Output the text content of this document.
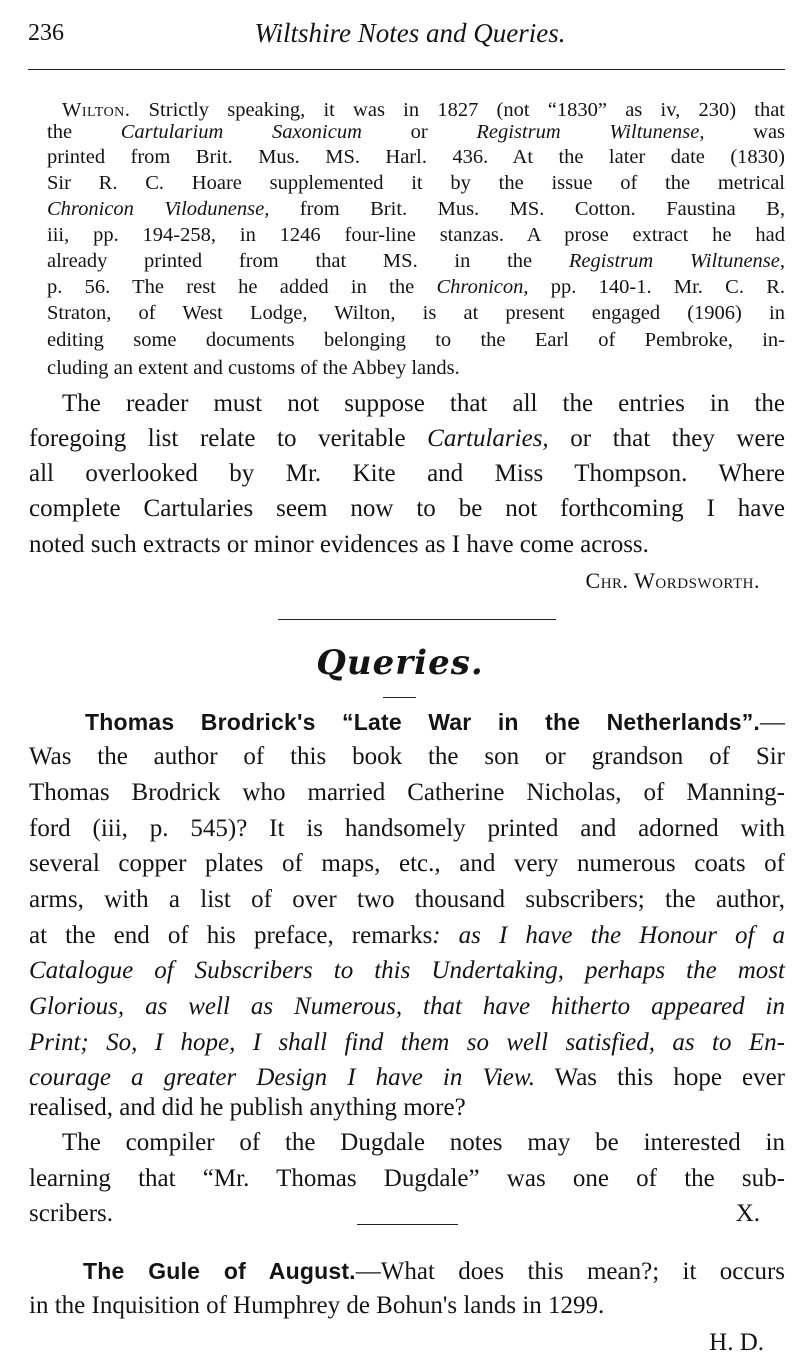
236	Wiltshire Notes and Queries.
Wilton. Strictly speaking, it was in 1827 (not “1830” as iv, 230) that
the Cartularium Saxonicum or Registrum Wiltunense, was
printed from Brit. Mus. MS. Harl. 436. At the later date (1830)
Sir R. C. Hoare supplemented it by the issue of the metrical
Chronicon Vilodunense, from Brit. Mus. MS. Cotton. Faustina B,
iii, pp. 194-258, in 1246 four-line stanzas. A prose extract he had
already printed from that MS. in the Registrum Wiltunense,
p. 56. The rest he added in the Chronicon, pp. 140-1. Mr. C. R.
Straton, of West Lodge, Wilton, is at present engaged (1906) in
editing some documents belonging to the Earl of Pembroke, in-
cluding an extent and customs of the Abbey lands.
The reader must not suppose that all the entries in the
foregoing list relate to veritable Cartularies, or that they were
all overlooked by Mr. Kite and Miss Thompson. Where
complete Cartularies seem now to be not forthcoming I have
noted such extracts or minor evidences as I have come across.
Chr. Wordsworth.
Queries.
Thomas Brodrick's “Late War in the Netherlands”.—
Was the author of this book the son or grandson of Sir
Thomas Brodrick who married Catherine Nicholas, of Manning-
ford (iii, p. 545)? It is handsomely printed and adorned with
several copper plates of maps, etc., and very numerous coats of
arms, with a list of over two thousand subscribers; the author,
at the end of his preface, remarks: as I have the Honour of a
Catalogue of Subscribers to this Undertaking, perhaps the most
Glorious, as well as Numerous, that have hitherto appeared in
Print; So, I hope, I shall find them so well satisfied, as to En-
courage a greater Design I have in View. Was this hope ever
realised, and did he publish anything more?
The compiler of the Dugdale notes may be interested in
learning that “Mr. Thomas Dugdale” was one of the sub-
scribers.	X.
The Gule of August.—What does this mean?; it occurs
in the Inquisition of Humphrey de Bohun's lands in 1299.
H. D.
